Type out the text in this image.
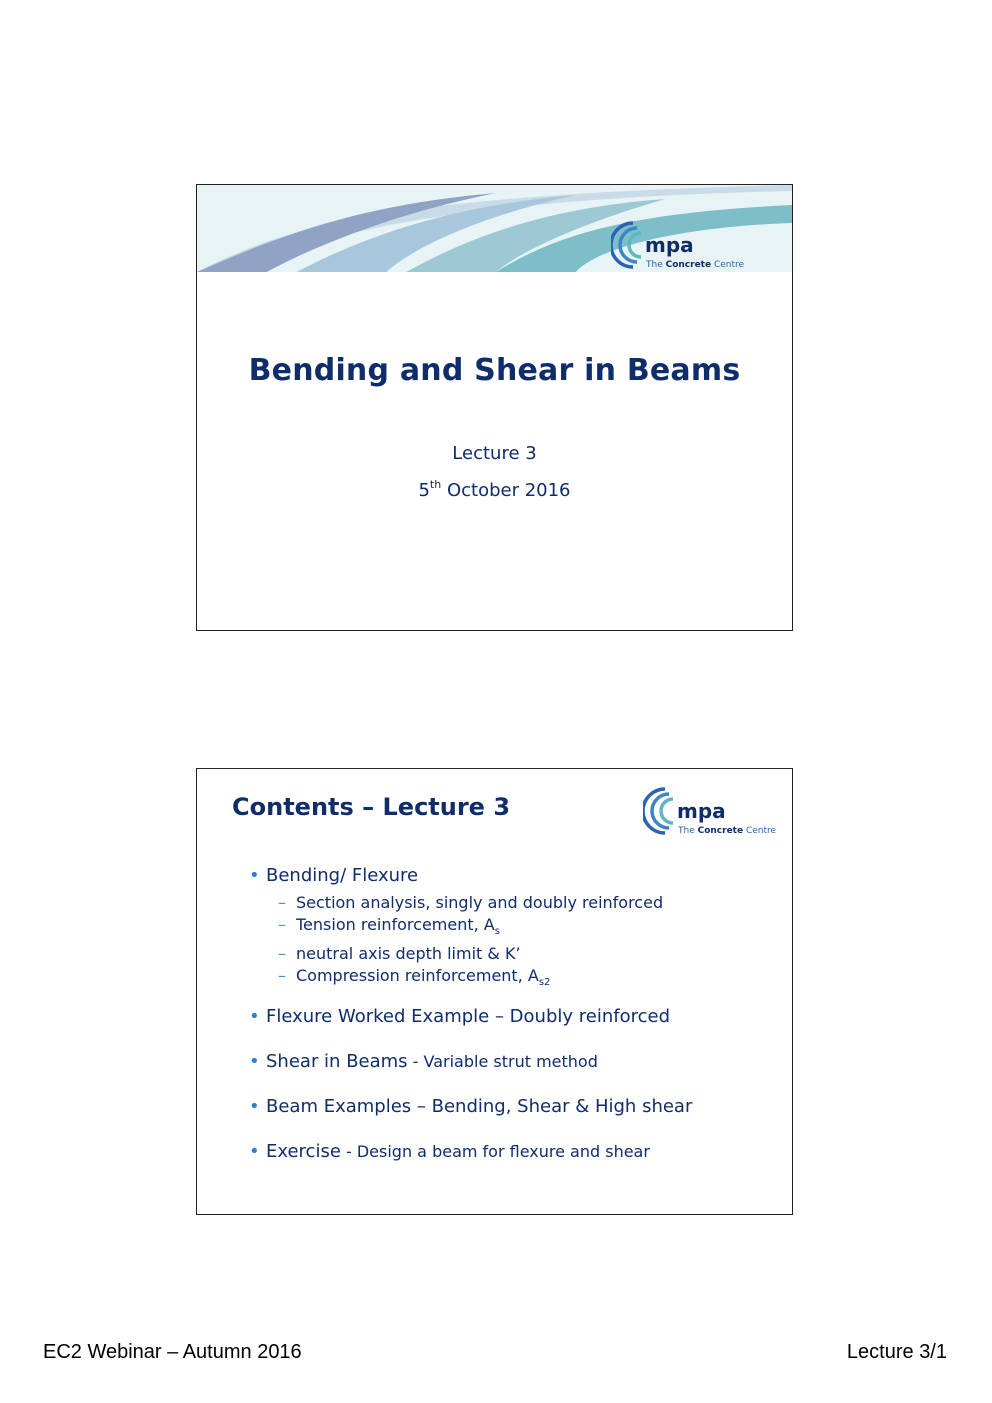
mpa
The Concrete Centre
Bending and Shear in Beams
Lecture 3
5th October 2016
Contents – Lecture 3	mpa
The Concrete Centre
• Bending/ Flexure
– Section analysis, singly and doubly reinforced
– Tension reinforcement, $A_s$
– neutral axis depth limit & K’
– Compression reinforcement, $A_{s2}$
• Flexure Worked Example – Doubly reinforced
• Shear in Beams - Variable strut method
• Beam Examples – Bending, Shear & High shear
• Exercise - Design a beam for flexure and shear
EC2 Webinar – Autumn 2016	Lecture 3/1
